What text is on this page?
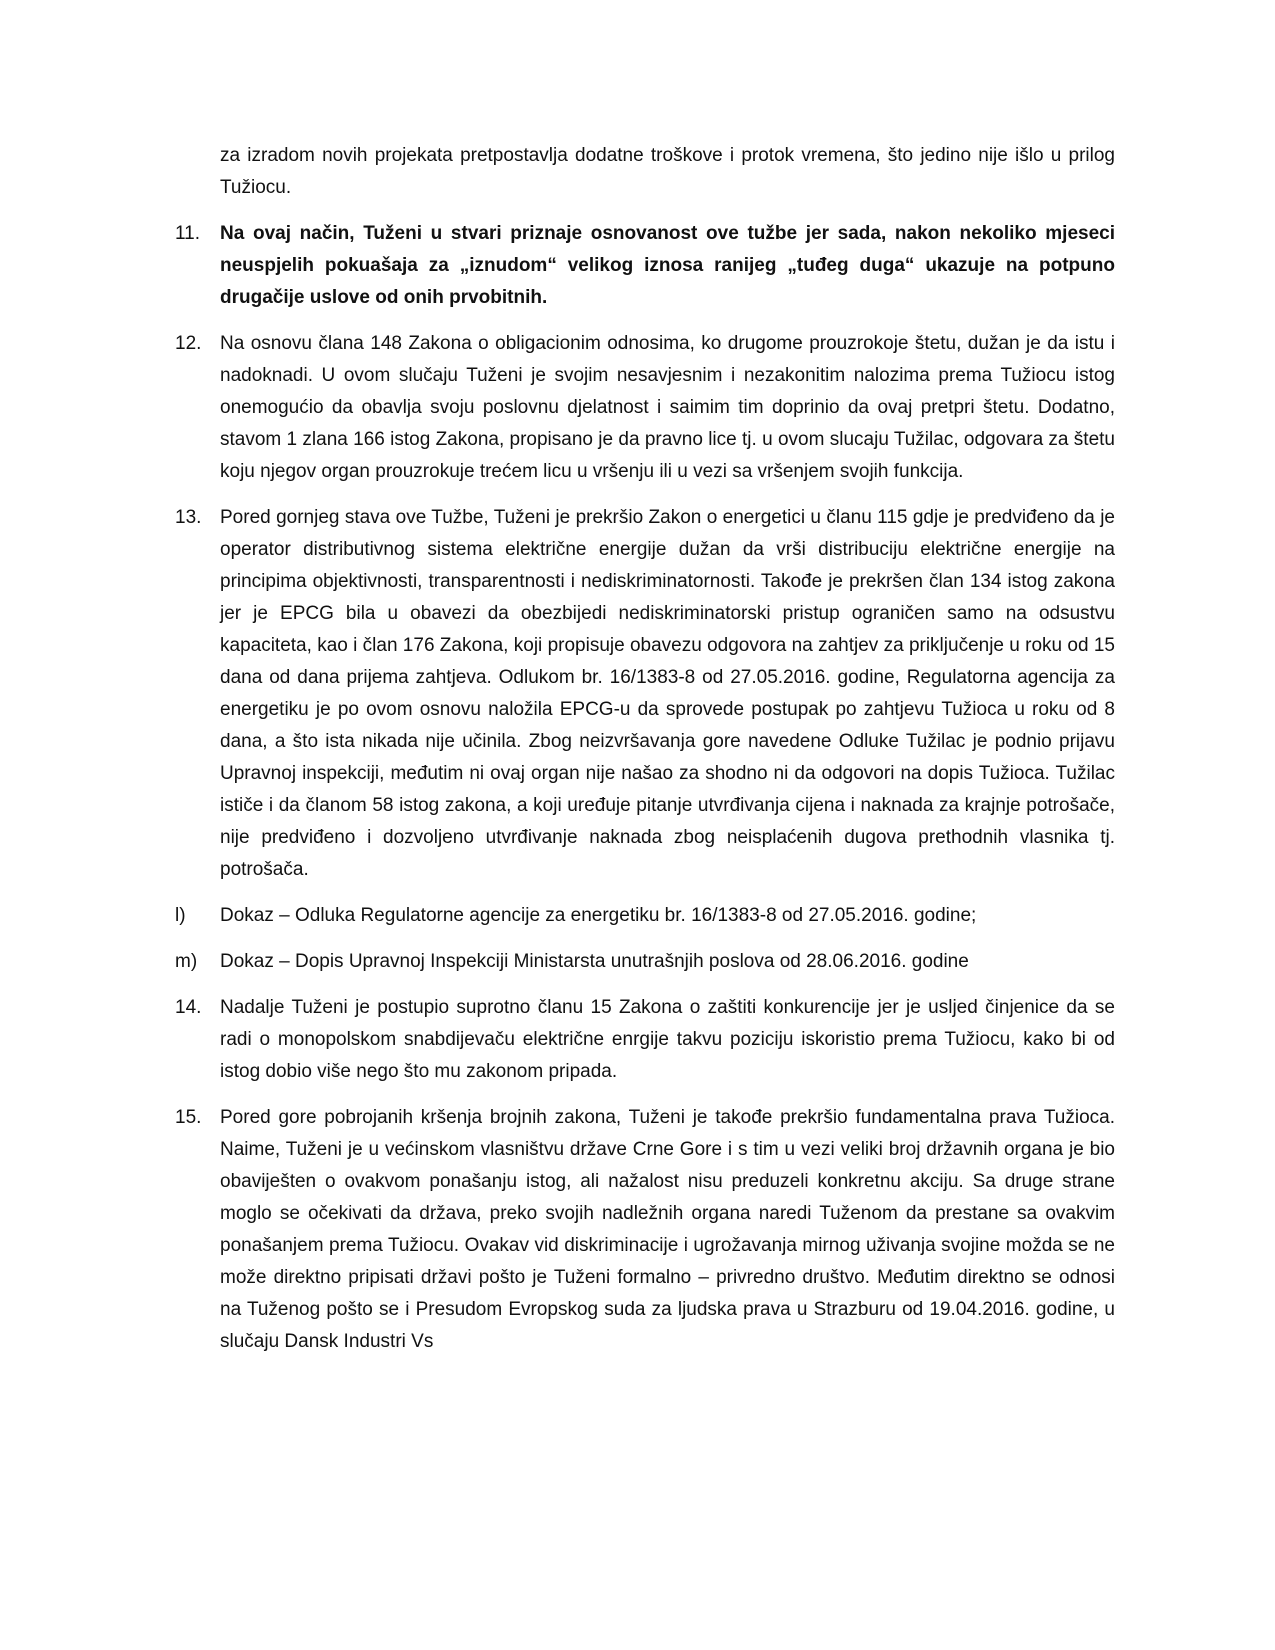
za izradom novih projekata pretpostavlja dodatne troškove i protok vremena, što jedino nije išlo u prilog Tužiocu.
11.	Na ovaj način, Tuženi u stvari priznaje osnovanost ove tužbe jer sada, nakon nekoliko mjeseci neuspjelih pokuašaja za „iznudom“ velikog iznosa ranijeg „tuđeg duga“ ukazuje na potpuno drugačije uslove od onih prvobitnih.
12. Na osnovu člana 148 Zakona o obligacionim odnosima, ko drugome prouzrokoje štetu, dužan je da istu i nadoknadi. U ovom slučaju Tuženi je svojim nesavjesnim i nezakonitim nalozima prema Tužiocu istog onemogućio da obavlja svoju poslovnu djelatnost i saimim tim doprinio da ovaj pretpri štetu. Dodatno, stavom 1 zlana 166 istog Zakona, propisano je da pravno lice tj. u ovom slucaju Tužilac, odgovara za štetu koju njegov organ prouzrokuje trećem licu u vršenju ili u vezi sa vršenjem svojih funkcija.
13. Pored gornjeg stava ove Tužbe, Tuženi je prekršio Zakon o energetici u članu 115 gdje je predviđeno da je operator distributivnog sistema električne energije dužan da vrši distribuciju električne energije na principima objektivnosti, transparentnosti i nediskriminatornosti. Takođe je prekršen član 134 istog zakona jer je EPCG bila u obavezi da obezbijedi nediskriminatorski pristup ograničen samo na odsustvu kapaciteta, kao i član 176 Zakona, koji propisuje obavezu odgovora na zahtjev za priključenje u roku od 15 dana od dana prijema zahtjeva. Odlukom br. 16/1383-8 od 27.05.2016. godine, Regulatorna agencija za energetiku je po ovom osnovu naložila EPCG-u da sprovede postupak po zahtjevu Tužioca u roku od 8 dana, a što ista nikada nije učinila. Zbog neizvršavanja gore navedene Odluke Tužilac je podnio prijavu Upravnoj inspekciji, međutim ni ovaj organ nije našao za shodno ni da odgovori na dopis Tužioca. Tužilac ističe i da članom 58 istog zakona, a koji uređuje pitanje utvrđivanja cijena i naknada za krajnje potrošače, nije predviđeno i dozvoljeno utvrđivanje naknada zbog neisplaćenih dugova prethodnih vlasnika tj. potrošača.
l)	Dokaz – Odluka Regulatorne agencije za energetiku br. 16/1383-8 od 27.05.2016. godine;
m)	Dokaz – Dopis Upravnoj Inspekciji Ministarsta unutrašnjih poslova od 28.06.2016. godine
14. Nadalje Tuženi je postupio suprotno članu 15 Zakona o zaštiti konkurencije jer je usljed činjenice da se radi o monopolskom snabdijevaču električne enrgije takvu poziciju iskoristio prema Tužiocu, kako bi od istog dobio više nego što mu zakonom pripada.
15. Pored gore pobrojanih kršenja brojnih zakona, Tuženi je takođe prekršio fundamentalna prava Tužioca. Naime, Tuženi je u većinskom vlasništvu države Crne Gore i s tim u vezi veliki broj državnih organa je bio obaviješten o ovakvom ponašanju istog, ali nažalost nisu preduzeli konkretnu akciju. Sa druge strane moglo se očekivati da država, preko svojih nadležnih organa naredi Tuženom da prestane sa ovakvim ponašanjem prema Tužiocu. Ovakav vid diskriminacije i ugrožavanja mirnog uživanja svojine možda se ne može direktno pripisati državi pošto je Tuženi formalno – privredno društvo. Međutim direktno se odnosi na Tuženog pošto se i Presudom Evropskog suda za ljudska prava u Strazburu od 19.04.2016. godine, u slučaju Dansk Industri Vs
